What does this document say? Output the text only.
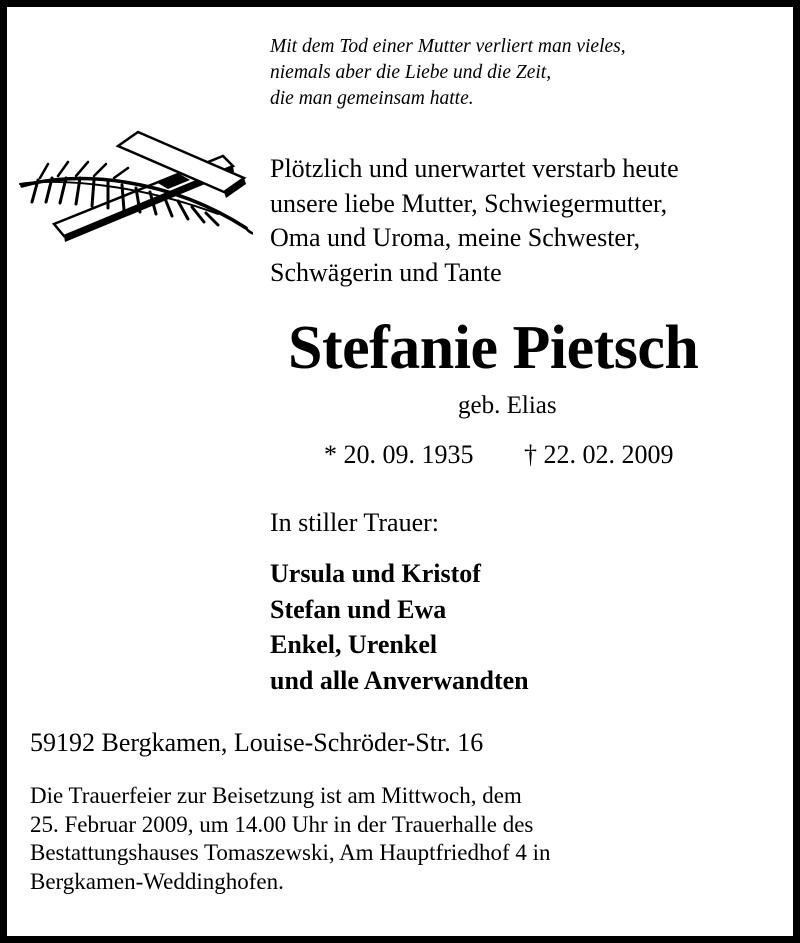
Mit dem Tod einer Mutter verliert man vieles,
niemals aber die Liebe und die Zeit,
die man gemeinsam hatte.
Plötzlich und unerwartet verstarb heute
unsere liebe Mutter, Schwiegermutter,
Oma und Uroma, meine Schwester,
Schwägerin und Tante
Stefanie Pietsch
geb. Elias
* 20. 09. 1935 † 22. 02. 2009
In stiller Trauer:
Ursula und Kristof
Stefan und Ewa
Enkel, Urenkel
und alle Anverwandten
59192 Bergkamen, Louise-Schröder-Str. 16
Die Trauerfeier zur Beisetzung ist am Mittwoch, dem
25. Februar 2009, um 14.00 Uhr in der Trauerhalle des
Bestattungshauses Tomaszewski, Am Hauptfriedhof 4 in
Bergkamen-Weddinghofen.
